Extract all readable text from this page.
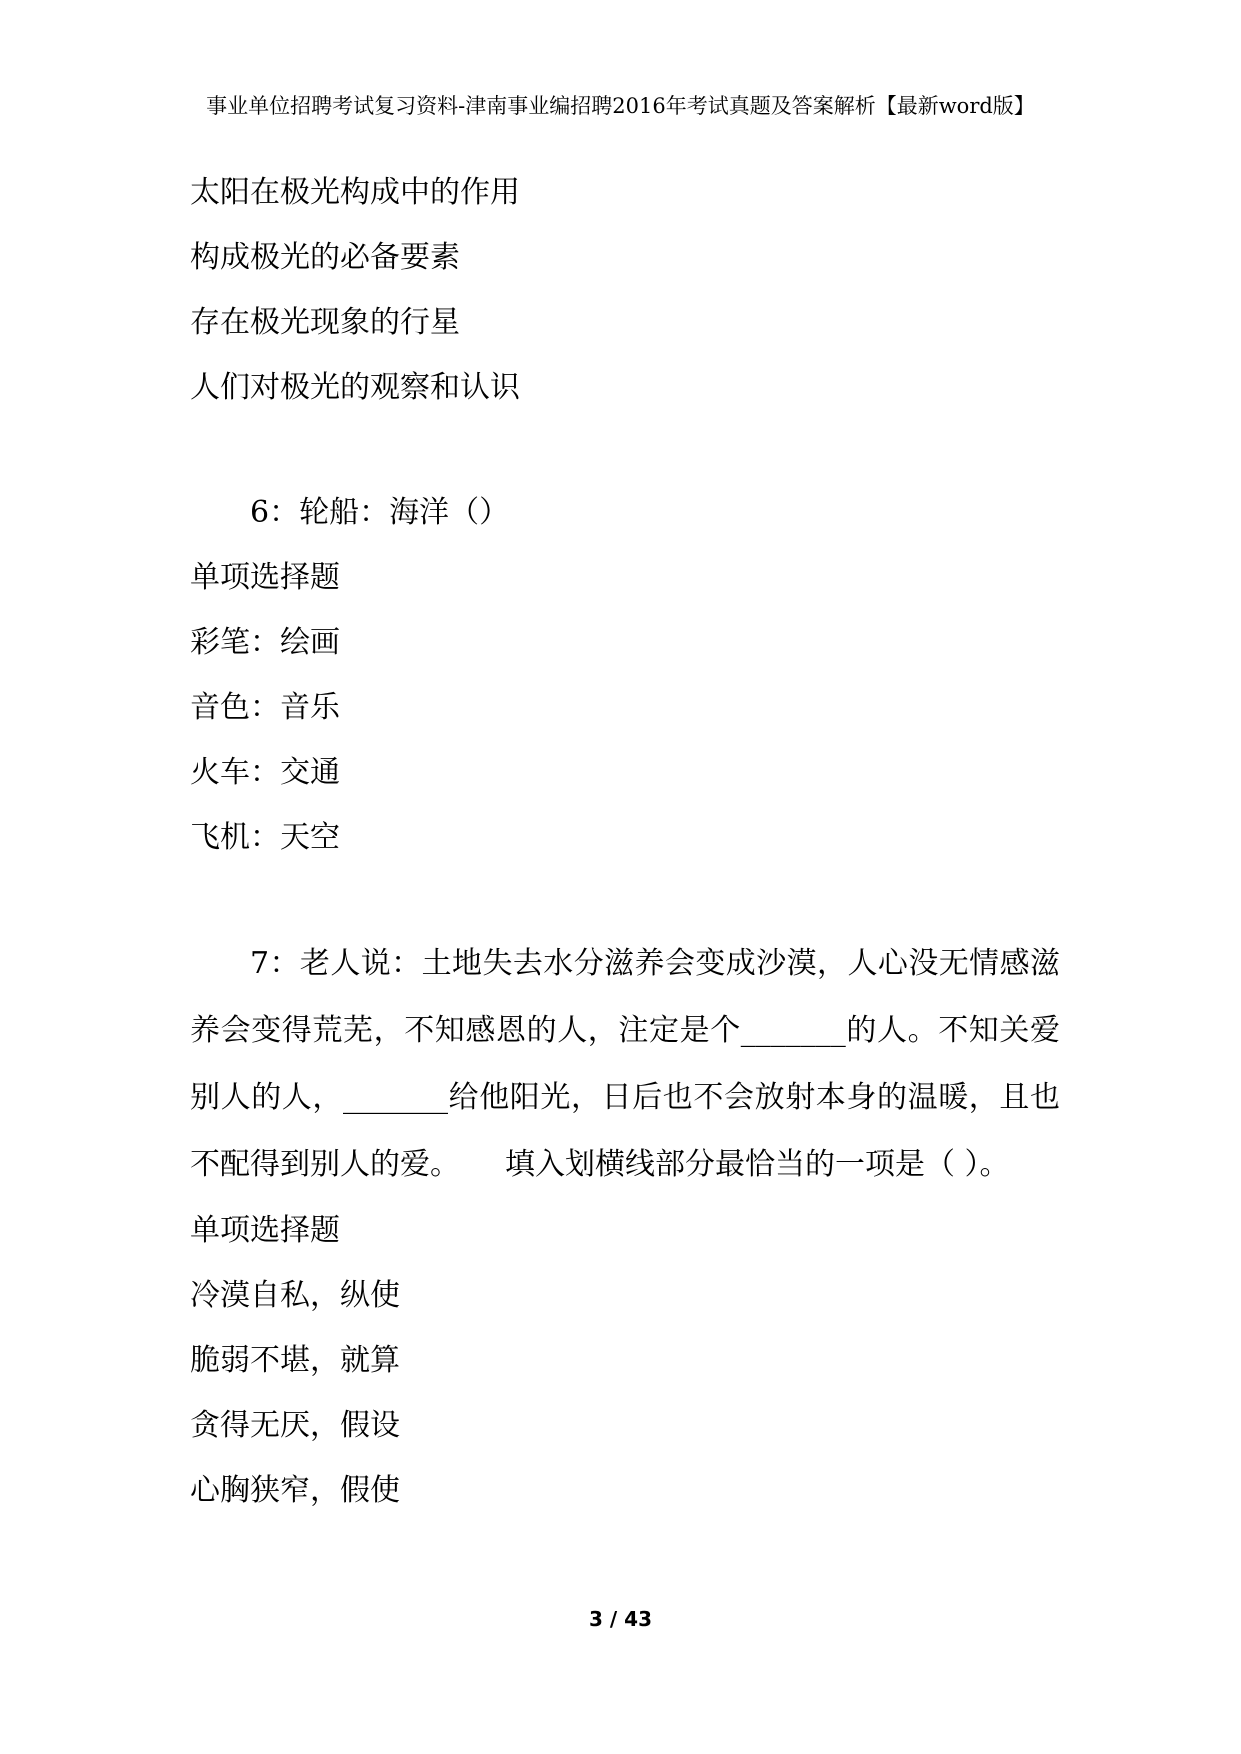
事业单位招聘考试复习资料-津南事业编招聘2016年考试真题及答案解析【最新word版】
太阳在极光构成中的作用
构成极光的必备要素
存在极光现象的行星
人们对极光的观察和认识
6：轮船：海洋（）
单项选择题
彩笔：绘画
音色：音乐
火车：交通
飞机：天空

7：老人说：土地失去水分滋养会变成沙漠，人心没无情感滋养会变得荒芜，不知感恩的人，注定是个_______的人。不知关爱别人的人，_______给他阳光，日后也不会放射本身的温暖，且也不配得到别人的爱。　　填入划横线部分最恰当的一项是（ ）。

单项选择题
冷漠自私，纵使
脆弱不堪，就算
贪得无厌，假设
心胸狭窄，假使
3 / 43
